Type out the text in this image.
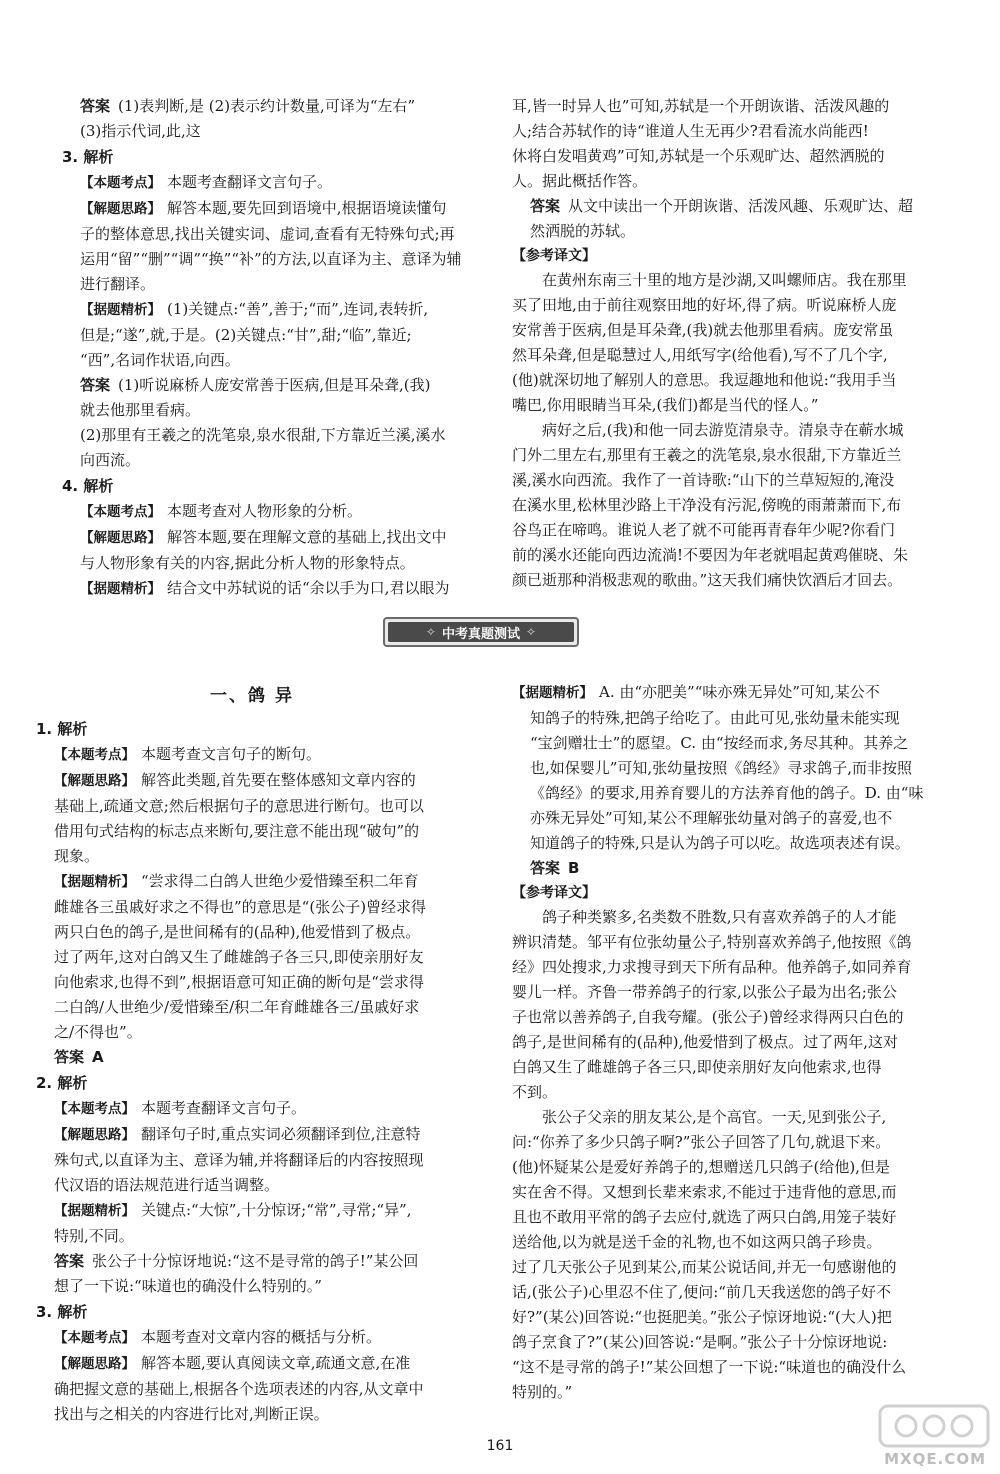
答案 (1)表判断,是 (2)表示约计数量,可译为“左右”

(3)指示代词,此,这

3. 解析

【本题考点】 本题考查翻译文言句子。

【解题思路】 解答本题,要先回到语境中,根据语境读懂句

子的整体意思,找出关键实词、虚词,查看有无特殊句式;再

运用“留”“删”“调”“换”“补”的方法,以直译为主、意译为辅

进行翻译。

【据题精析】 (1)关键点:“善”,善于;“而”,连词,表转折,

但是;“遂”,就,于是。(2)关键点:“甘”,甜;“临”,靠近;

“西”,名词作状语,向西。

答案 (1)听说麻桥人庞安常善于医病,但是耳朵聋,(我)

就去他那里看病。

(2)那里有王羲之的洗笔泉,泉水很甜,下方靠近兰溪,溪水

向西流。

4. 解析

【本题考点】 本题考查对人物形象的分析。

【解题思路】 解答本题,要在理解文意的基础上,找出文中

与人物形象有关的内容,据此分析人物的形象特点。

【据题精析】 结合文中苏轼说的话“余以手为口,君以眼为

耳,皆一时异人也”可知,苏轼是一个开朗诙谐、活泼风趣的

人;结合苏轼作的诗“谁道人生无再少?君看流水尚能西!

休将白发唱黄鸡”可知,苏轼是一个乐观旷达、超然洒脱的

人。据此概括作答。

答案 从文中读出一个开朗诙谐、活泼风趣、乐观旷达、超

然洒脱的苏轼。

【参考译文】

在黄州东南三十里的地方是沙湖,又叫螺师店。我在那里

买了田地,由于前往观察田地的好坏,得了病。听说麻桥人庞

安常善于医病,但是耳朵聋,(我)就去他那里看病。庞安常虽

然耳朵聋,但是聪慧过人,用纸写字(给他看),写不了几个字,

(他)就深切地了解别人的意思。我逗趣地和他说:“我用手当

嘴巴,你用眼睛当耳朵,(我们)都是当代的怪人。”

病好之后,(我)和他一同去游览清泉寺。清泉寺在蕲水城

门外二里左右,那里有王羲之的洗笔泉,泉水很甜,下方靠近兰

溪,溪水向西流。我作了一首诗歌:“山下的兰草短短的,淹没

在溪水里,松林里沙路上干净没有污泥,傍晚的雨萧萧而下,布

谷鸟正在啼鸣。谁说人老了就不可能再青春年少呢?你看门

前的溪水还能向西边流淌!不要因为年老就唱起黄鸡催晓、朱

颜已逝那种消极悲观的歌曲。”这天我们痛快饮酒后才回去。

✧ 中考真题测试 ✧
一、鸽 异
1. 解析

【本题考点】 本题考查文言句子的断句。

【解题思路】 解答此类题,首先要在整体感知文章内容的

基础上,疏通文意;然后根据句子的意思进行断句。也可以

借用句式结构的标志点来断句,要注意不能出现“破句”的

现象。

【据题精析】 “尝求得二白鸽人世绝少爱惜臻至积二年育

雌雄各三虽戚好求之不得也”的意思是“(张公子)曾经求得

两只白色的鸽子,是世间稀有的(品种),他爱惜到了极点。

过了两年,这对白鸽又生了雌雄鸽子各三只,即使亲朋好友

向他索求,也得不到”,根据语意可知正确的断句是“尝求得

二白鸽/人世绝少/爱惜臻至/积二年育雌雄各三/虽戚好求

之/不得也”。

答案 A

2. 解析

【本题考点】 本题考查翻译文言句子。

【解题思路】 翻译句子时,重点实词必须翻译到位,注意特

殊句式,以直译为主、意译为辅,并将翻译后的内容按照现

代汉语的语法规范进行适当调整。

【据题精析】 关键点:“大惊”,十分惊讶;“常”,寻常;“异”,

特别,不同。

答案 张公子十分惊讶地说:“这不是寻常的鸽子!”某公回

想了一下说:“味道也的确没什么特别的。”

3. 解析

【本题考点】 本题考查对文章内容的概括与分析。

【解题思路】 解答本题,要认真阅读文章,疏通文意,在准

确把握文意的基础上,根据各个选项表述的内容,从文章中

找出与之相关的内容进行比对,判断正误。

【据题精析】 A. 由“亦肥美”“味亦殊无异处”可知,某公不

知鸽子的特殊,把鸽子给吃了。由此可见,张幼量未能实现

“宝剑赠壮士”的愿望。C. 由“按经而求,务尽其种。其养之

也,如保婴儿”可知,张幼量按照《鸽经》寻求鸽子,而非按照

《鸽经》的要求,用养育婴儿的方法养育他的鸽子。D. 由“味

亦殊无异处”可知,某公不理解张幼量对鸽子的喜爱,也不

知道鸽子的特殊,只是认为鸽子可以吃。故选项表述有误。

答案 B

【参考译文】

鸽子种类繁多,名类数不胜数,只有喜欢养鸽子的人才能

辨识清楚。邹平有位张幼量公子,特别喜欢养鸽子,他按照《鸽

经》四处搜求,力求搜寻到天下所有品种。他养鸽子,如同养育

婴儿一样。齐鲁一带养鸽子的行家,以张公子最为出名;张公

子也常以善养鸽子,自我夸耀。(张公子)曾经求得两只白色的

鸽子,是世间稀有的(品种),他爱惜到了极点。过了两年,这对

白鸽又生了雌雄鸽子各三只,即使亲朋好友向他索求,也得

不到。

张公子父亲的朋友某公,是个高官。一天,见到张公子,

问:“你养了多少只鸽子啊?”张公子回答了几句,就退下来。

(他)怀疑某公是爱好养鸽子的,想赠送几只鸽子(给他),但是

实在舍不得。又想到长辈来索求,不能过于违背他的意思,而

且也不敢用平常的鸽子去应付,就选了两只白鸽,用笼子装好

送给他,以为就是送千金的礼物,也不如这两只鸽子珍贵。

过了几天张公子见到某公,而某公说话间,并无一句感谢他的

话,(张公子)心里忍不住了,便问:“前几天我送您的鸽子好不

好?”(某公)回答说:“也挺肥美。”张公子惊讶地说:“(大人)把

鸽子烹食了?”(某公)回答说:“是啊。”张公子十分惊讶地说:

“这不是寻常的鸽子!”某公回想了一下说:“味道也的确没什么

特别的。”

161
MXQE.COM
